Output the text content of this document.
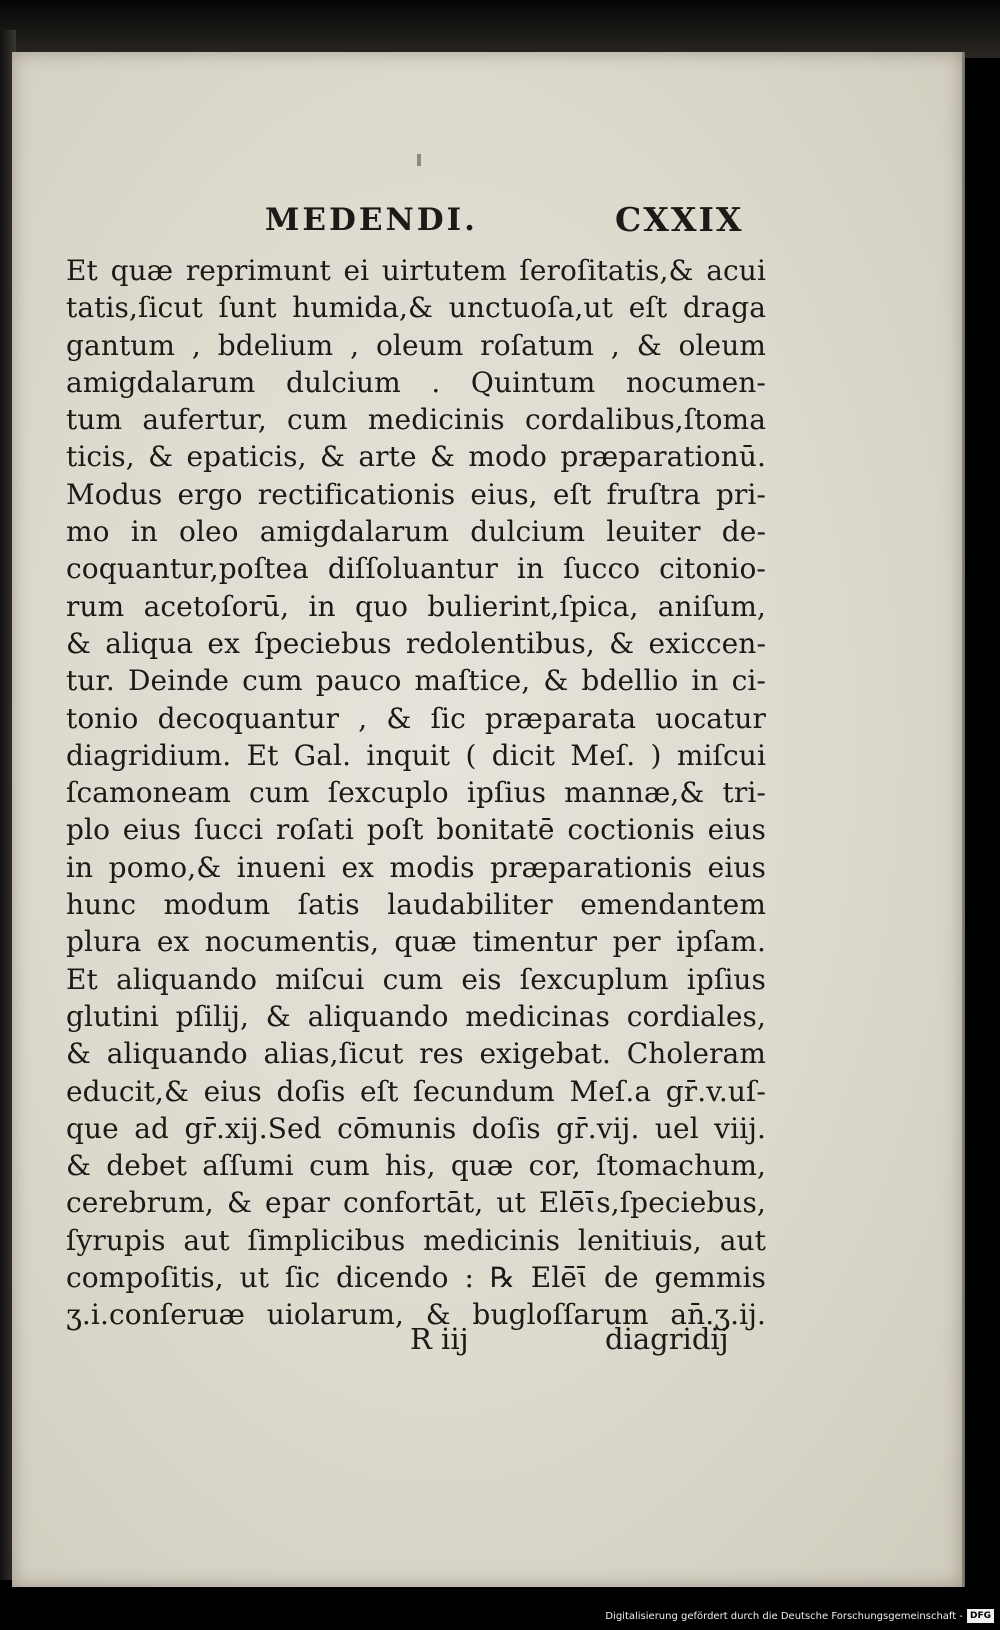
MEDENDI.	CXXIX
Et quæ reprimunt ei uirtutem ſeroſitatis,& acui
tatis,ſicut ſunt humida,& unctuoſa,ut eſt draga
gantum , bdelium , oleum roſatum , & oleum
amigdalarum dulcium . Quintum nocumen-
tum aufertur, cum medicinis cordalibus,ſtoma
ticis, & epaticis, & arte & modo præparationū.
Modus ergo rectificationis eius, eſt fruſtra pri-
mo in oleo amigdalarum dulcium leuiter de-
coquantur,poſtea diſſoluantur in ſucco citonio-
rum acetoſorū, in quo bulierint,ſpica, aniſum,
& aliqua ex ſpeciebus redolentibus, & exiccen-
tur. Deinde cum pauco maſtice, & bdellio in ci-
tonio decoquantur , & ſic præparata uocatur
diagridium. Et Gal. inquit ( dicit Meſ. ) miſcui
ſcamoneam cum ſexcuplo ipſius mannæ,& tri-
plo eius ſucci roſati poſt bonitatē coctionis eius
in pomo,& inueni ex modis præparationis eius
hunc modum ſatis laudabiliter emendantem
plura ex nocumentis, quæ timentur per ipſam.
Et aliquando miſcui cum eis ſexcuplum ipſius
glutini pſilij, & aliquando medicinas cordiales,
& aliquando alias,ſicut res exigebat. Choleram
educit,& eius doſis eſt ſecundum Meſ.a gr̄.v.uſ-
que ad gr̄.xij.Sed cōmunis doſis gr̄.vij. uel viij.
& debet aſſumi cum his, quæ cor, ſtomachum,
cerebrum, & epar confortāt, ut Elē̄ɩ̄s,ſpeciebus,
ſyrupis aut ſimplicibus medicinis lenitiuis, aut
compoſitis, ut ſic dicendo : ℞ Elē̄ɩ̄ de gemmis
ʒ.i.conſeruæ uiolarum, & bugloſſarum an̄.ʒ.ij.
R iij	diagridij
Digitalisierung gefördert durch die Deutsche Forschungsgemeinschaft - DFG
